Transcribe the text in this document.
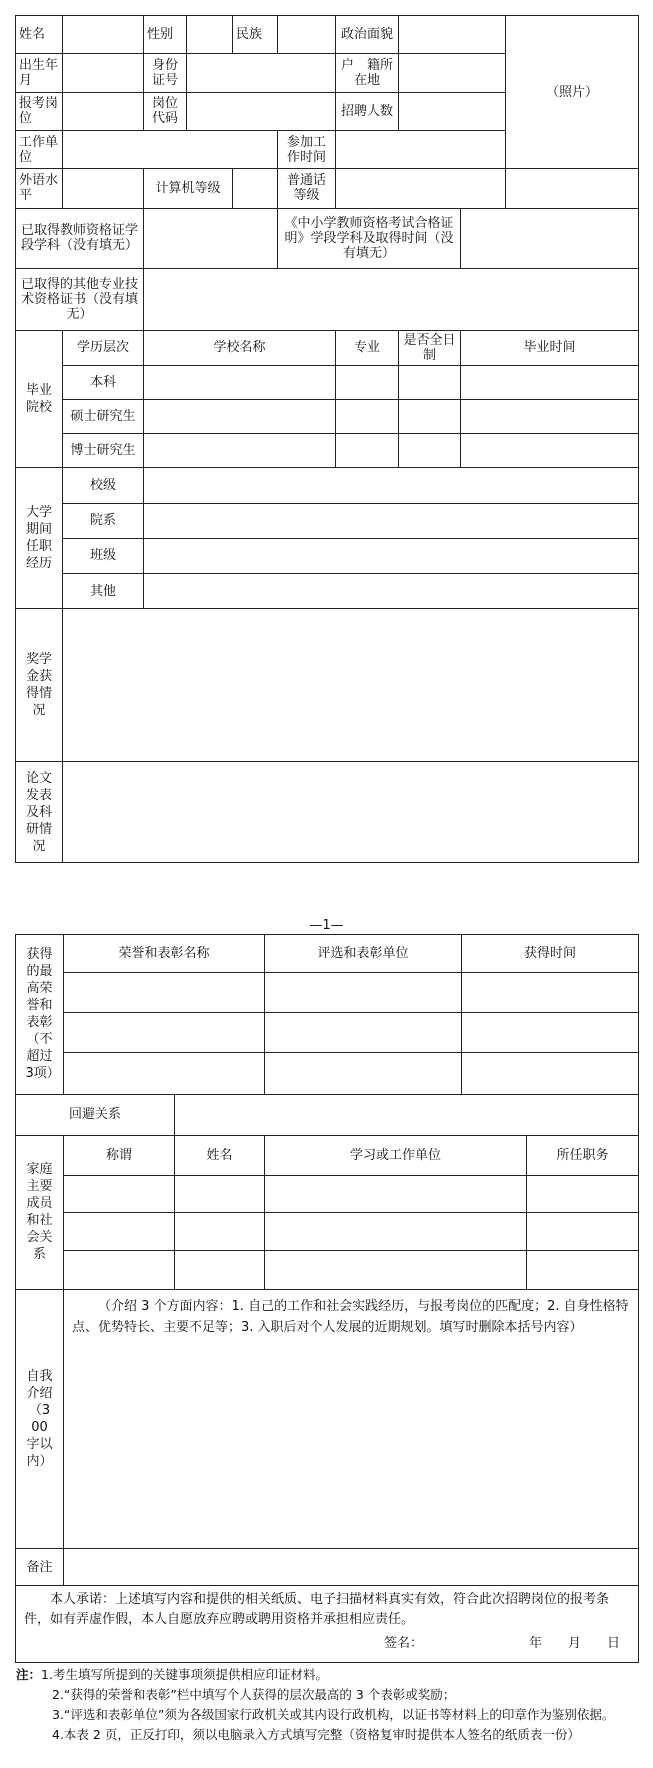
姓名		性别		民族		政治面貌			（照片）
出生年月		身份证号				户　籍所在地			
报考岗位		岗位代码				招聘人数			
工作单位					参加工作时间				
外语水平		计算机等级			普通话等级				
已取得教师资格证学段学科（没有填无）					《中小学教师资格考试合格证明》学段学科及取得时间（没有填无）				
已取得的其他专业技术资格证书（没有填无）									
毕业院校	学历层次	学校名称				专业	是否全日制	毕业时间	
	本科								
	硕士研究生								
	博士研究生								
大学期间任职经历	校级								
	院系								
	班级								
	其他								
奖学金获得情况									
论文发表及科研情况									
—1—
获得的最高荣誉和表彰（不超过3项）	荣誉和表彰名称		评选和表彰单位	获得时间	

回避关系					
家庭主要成员和社会关系	称谓	姓名	学习或工作单位		所任职务

自我介绍（300字以内）	（介绍 3 个方面内容：1. 自己的工作和社会实践经历，与报考岗位的匹配度；2. 自身性格特点、优势特长、主要不足等；3. 入职后对个人发展的近期规划。填写时删除本括号内容）				
备注					

本人承诺：上述填写内容和提供的相关纸质、电子扫描材料真实有效，符合此次招聘岗位的报考条件，如有弄虚作假，本人自愿放弃应聘或聘用资格并承担相应责任。
签名： 年　　月　　日					

注：1.考生填写所提到的关键事项须提供相应印证材料。

2.“获得的荣誉和表彰”栏中填写个人获得的层次最高的 3 个表彰或奖励；

3.“评选和表彰单位”须为各级国家行政机关或其内设行政机构，以证书等材料上的印章作为鉴别依据。

4.本表 2 页，正反打印，须以电脑录入方式填写完整（资格复审时提供本人签名的纸质表一份）
